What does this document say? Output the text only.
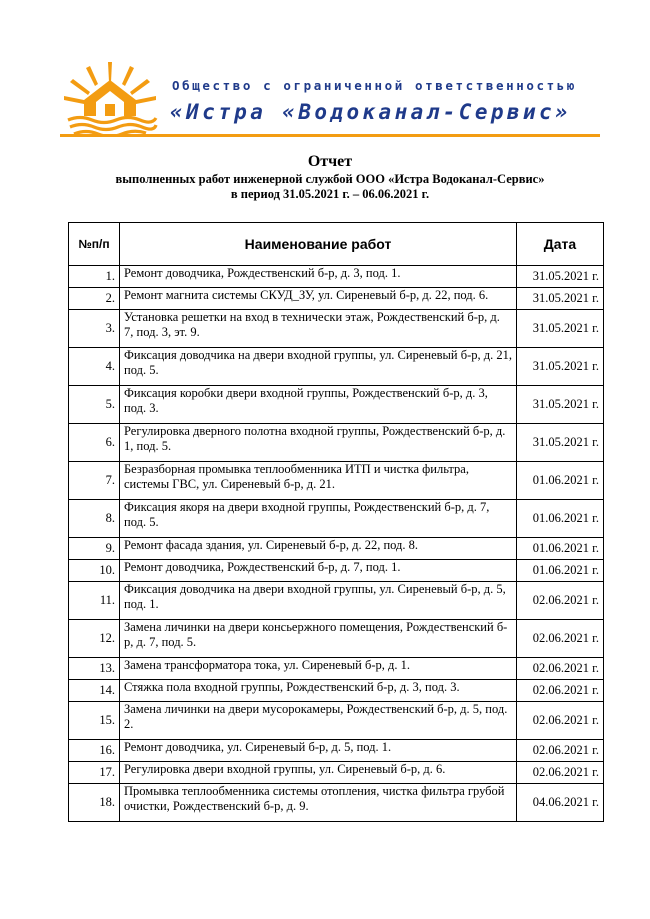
Общество с ограниченной ответственностью
«Истра «Водоканал-Сервис»
Отчет
выполненных работ инженерной службой ООО «Истра Водоканал-Сервис»
в период 31.05.2021 г. – 06.06.2021 г.
№п/п	Наименование работ	Дата
1.	Ремонт доводчика, Рождественский б-р, д. 3, под. 1.	31.05.2021 г.
2.	Ремонт магнита системы СКУД_ЗУ, ул. Сиреневый б-р, д. 22, под. 6.	31.05.2021 г.
3.	Установка решетки на вход в технически этаж, Рождественский б-р, д. 7, под. 3, эт. 9.	31.05.2021 г.
4.	Фиксация доводчика на двери входной группы, ул. Сиреневый б-р, д. 21, под. 5.	31.05.2021 г.
5.	Фиксация коробки двери входной группы, Рождественский б-р, д. 3, под. 3.	31.05.2021 г.
6.	Регулировка дверного полотна входной группы, Рождественский б-р, д. 1, под. 5.	31.05.2021 г.
7.	Безразборная промывка теплообменника ИТП и чистка фильтра, системы ГВС, ул. Сиреневый б-р, д. 21.	01.06.2021 г.
8.	Фиксация якоря на двери входной группы, Рождественский б-р, д. 7, под. 5.	01.06.2021 г.
9.	Ремонт фасада здания, ул. Сиреневый б-р, д. 22, под. 8.	01.06.2021 г.
10.	Ремонт доводчика, Рождественский б-р, д. 7, под. 1.	01.06.2021 г.
11.	Фиксация доводчика на двери входной группы, ул. Сиреневый б-р, д. 5, под. 1.	02.06.2021 г.
12.	Замена личинки на двери консьержного помещения, Рождественский б-р, д. 7, под. 5.	02.06.2021 г.
13.	Замена трансформатора тока, ул. Сиреневый б-р, д. 1.	02.06.2021 г.
14.	Стяжка пола входной группы, Рождественский б-р, д. 3, под. 3.	02.06.2021 г.
15.	Замена личинки на двери мусорокамеры, Рождественский б-р, д. 5, под. 2.	02.06.2021 г.
16.	Ремонт доводчика, ул. Сиреневый б-р, д. 5, под. 1.	02.06.2021 г.
17.	Регулировка двери входной группы, ул. Сиреневый б-р, д. 6.	02.06.2021 г.
18.	Промывка теплообменника системы отопления, чистка фильтра грубой очистки, Рождественский б-р, д. 9.	04.06.2021 г.
